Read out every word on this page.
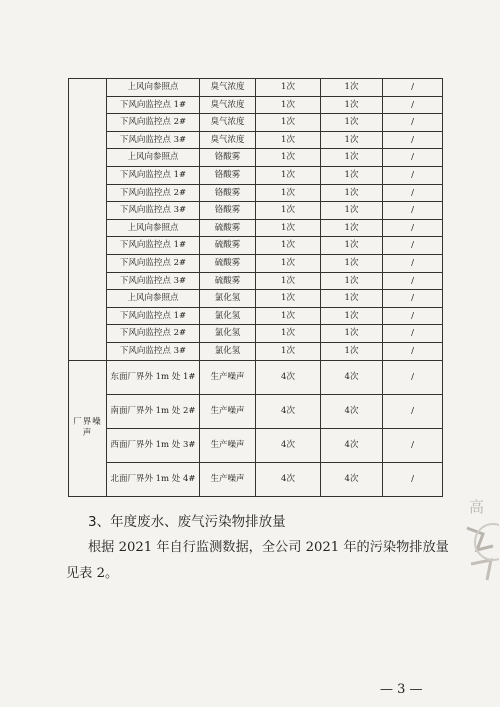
	上风向参照点	臭气浓度	1次	1次	/
	下风向监控点 1#	臭气浓度	1次	1次	/
	下风向监控点 2#	臭气浓度	1次	1次	/
	下风向监控点 3#	臭气浓度	1次	1次	/
	上风向参照点	铬酸雾	1次	1次	/
	下风向监控点 1#	铬酸雾	1次	1次	/
	下风向监控点 2#	铬酸雾	1次	1次	/
	下风向监控点 3#	铬酸雾	1次	1次	/
	上风向参照点	硫酸雾	1次	1次	/
	下风向监控点 1#	硫酸雾	1次	1次	/
	下风向监控点 2#	硫酸雾	1次	1次	/
	下风向监控点 3#	硫酸雾	1次	1次	/
	上风向参照点	氯化氢	1次	1次	/
	下风向监控点 1#	氯化氢	1次	1次	/
	下风向监控点 2#	氯化氢	1次	1次	/
	下风向监控点 3#	氯化氢	1次	1次	/
厂界噪声	东面厂界外 1m 处 1#	生产噪声	4次	4次	/
	南面厂界外 1m 处 2#	生产噪声	4次	4次	/
	西面厂界外 1m 处 3#	生产噪声	4次	4次	/
	北面厂界外 1m 处 4#	生产噪声	4次	4次	/
3、年度废水、废气污染物排放量
根据 2021 年自行监测数据，全公司 2021 年的污染物排放量
见表 2。
— 3 —
高
